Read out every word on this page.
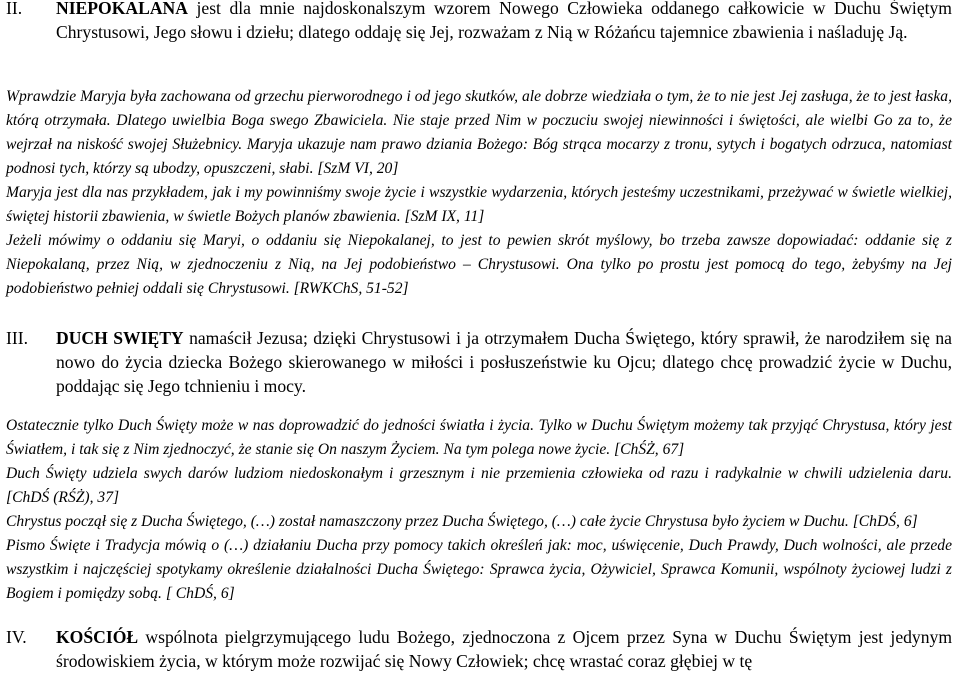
II.	NIEPOKALANA jest dla mnie najdoskonalszym wzorem Nowego Człowieka oddanego całkowicie w Duchu Świętym Chrystusowi, Jego słowu i dziełu; dlatego oddaję się Jej, rozważam z Nią w Różańcu tajemnice zbawienia i naśladuję Ją.
Wprawdzie Maryja była zachowana od grzechu pierworodnego i od jego skutków, ale dobrze wiedziała o tym, że to nie jest Jej zasługa, że to jest łaska, którą otrzymała. Dlatego uwielbia Boga swego Zbawiciela. Nie staje przed Nim w poczuciu swojej niewinności i świętości, ale wielbi Go za to, że wejrzał na niskość swojej Służebnicy. Maryja ukazuje nam prawo dziania Bożego: Bóg strąca mocarzy z tronu, sytych i bogatych odrzuca, natomiast podnosi tych, którzy są ubodzy, opuszczeni, słabi. [SzM VI, 20]
Maryja jest dla nas przykładem, jak i my powinniśmy swoje życie i wszystkie wydarzenia, których jesteśmy uczestnikami, przeżywać w świetle wielkiej, świętej historii zbawienia, w świetle Bożych planów zbawienia. [SzM IX, 11]
Jeżeli mówimy o oddaniu się Maryi, o oddaniu się Niepokalanej, to jest to pewien skrót myślowy, bo trzeba zawsze dopowiadać: oddanie się z Niepokalaną, przez Nią, w zjednoczeniu z Nią, na Jej podobieństwo – Chrystusowi. Ona tylko po prostu jest pomocą do tego, żebyśmy na Jej podobieństwo pełniej oddali się Chrystusowi. [RWKChS, 51-52]
III.	DUCH SWIĘTY namaścił Jezusa; dzięki Chrystusowi i ja otrzymałem Ducha Świętego, który sprawił, że narodziłem się na nowo do życia dziecka Bożego skierowanego w miłości i posłuszeństwie ku Ojcu; dlatego chcę prowadzić życie w Duchu, poddając się Jego tchnieniu i mocy.
Ostatecznie tylko Duch Święty może w nas doprowadzić do jedności światła i życia. Tylko w Duchu Świętym możemy tak przyjąć Chrystusa, który jest Światłem, i tak się z Nim zjednoczyć, że stanie się On naszym Życiem. Na tym polega nowe życie. [ChŚŻ, 67]
Duch Święty udziela swych darów ludziom niedoskonałym i grzesznym i nie przemienia człowieka od razu i radykalnie w chwili udzielenia daru. [ChDŚ (RŚŻ), 37]
Chrystus począł się z Ducha Świętego, (…) został namaszczony przez Ducha Świętego, (…) całe życie Chrystusa było życiem w Duchu. [ChDŚ, 6]
Pismo Święte i Tradycja mówią o (…) działaniu Ducha przy pomocy takich określeń jak: moc, uświęcenie, Duch Prawdy, Duch wolności, ale przede wszystkim i najczęściej spotykamy określenie działalności Ducha Świętego: Sprawca życia, Ożywiciel, Sprawca Komunii, wspólnoty życiowej ludzi z Bogiem i pomiędzy sobą. [ ChDŚ, 6]
IV.	KOŚCIÓŁ wspólnota pielgrzymującego ludu Bożego, zjednoczona z Ojcem przez Syna w Duchu Świętym jest jedynym środowiskiem życia, w którym może rozwijać się Nowy Człowiek; chcę wrastać coraz głębiej w tę
